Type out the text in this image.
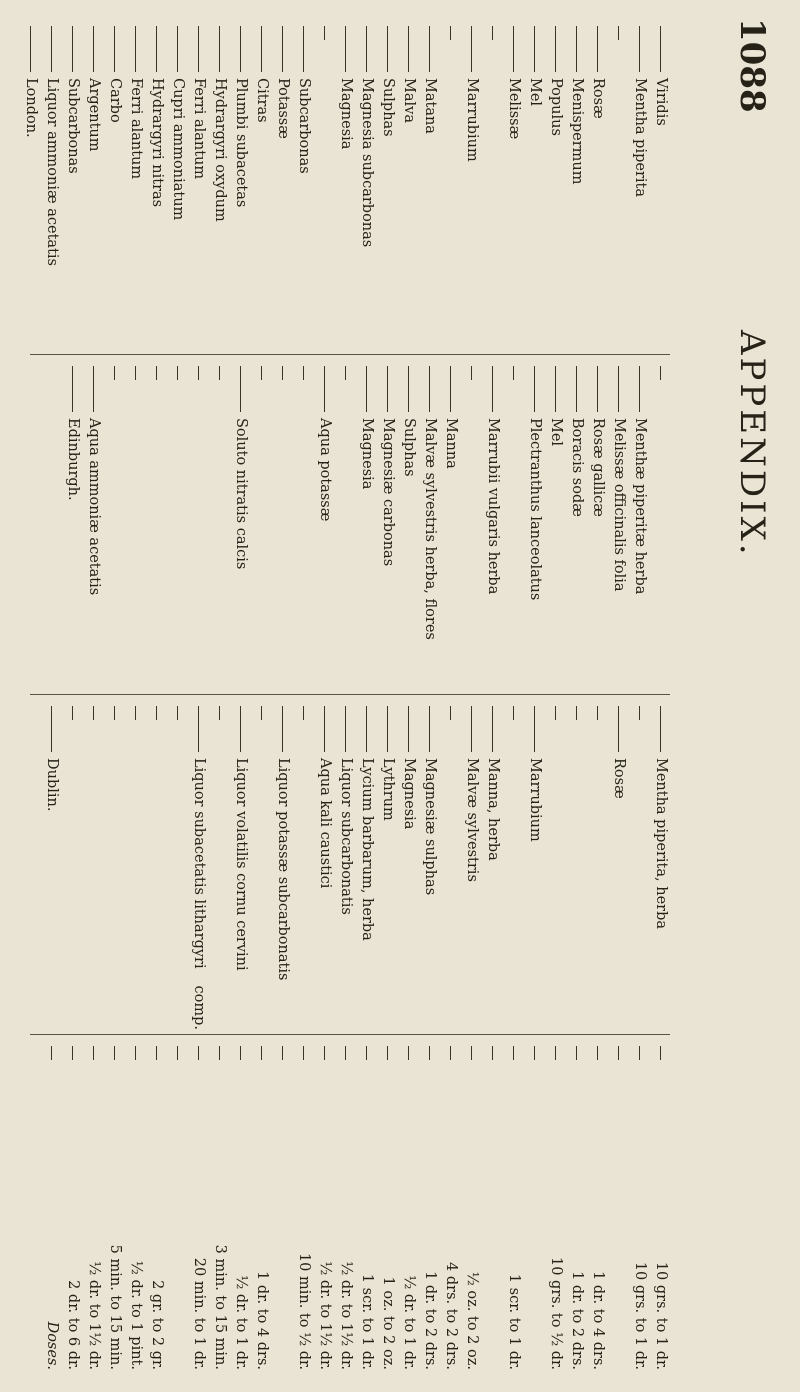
1088
APPENDIX.
Viridis
Mentha piperita
Rosæ
Menispermum
Populus
Mel
Melissæ
Marrubium
Matana
Malva
Sulphas
Magnesia subcarbonas
Magnesia
Subcarbonas
Potassæ
Citras
Plumbi subacetas
Hydrargyri oxydum
Ferri alantum
Cupri ammoniatum
Hydrargyri nitras
Ferri alantum
Carbo
Argentum
Subcarbonas
Liquor ammoniæ acetatis
London.
Menthæ piperitæ herba
Melissæ officinalis folia
Rosæ gallicæ
Boracis sodæ
Mel
Plectranthus lanceolatus
Marrubii vulgaris herba
Manna
Malvæ sylvestris herba, flores
Sulphas
Magnesiæ carbonas
Magnesia
Aqua potassæ
Soluto nitratis calcis
Aqua ammoniæ acetatis
Edinburgh.
Mentha piperita, herba
Rosæ
Marrubium
Manna, herba
Malvæ sylvestris
Magnesiæ sulphas
Magnesia
Lythrum
Lycium barbarum, herba
Liquor subcarbonatis
Aqua kali caustici
Liquor potassæ subcarbonatis
Liquor volatilis cornu cervini
Liquor subacetatis lithargyri
comp.
Dublin.
10 grs. to 1 dr.
10 grs. to 1 dr.
1 dr. to 4 drs.
1 dr. to 2 drs.
10 grs. to ½ dr.
1 scr. to 1 dr.
½ oz. to 2 oz.
4 drs. to 2 drs.
1 dr. to 2 drs.
½ dr. to 1 dr.
1 oz. to 2 oz.
1 scr. to 1 dr.
½ dr. to 1½ dr.
½ dr. to 1½ dr.
10 min. to ½ dr.
1 dr. to 4 drs.
½ dr. to 1 dr.
3 min. to 15 min.
20 min. to 1 dr.
2 gr. to 2 gr.
½ dr. to 1 pint.
5 min. to 15 min.
½ dr. to 1½ dr.
2 dr. to 6 dr.
Doses.
